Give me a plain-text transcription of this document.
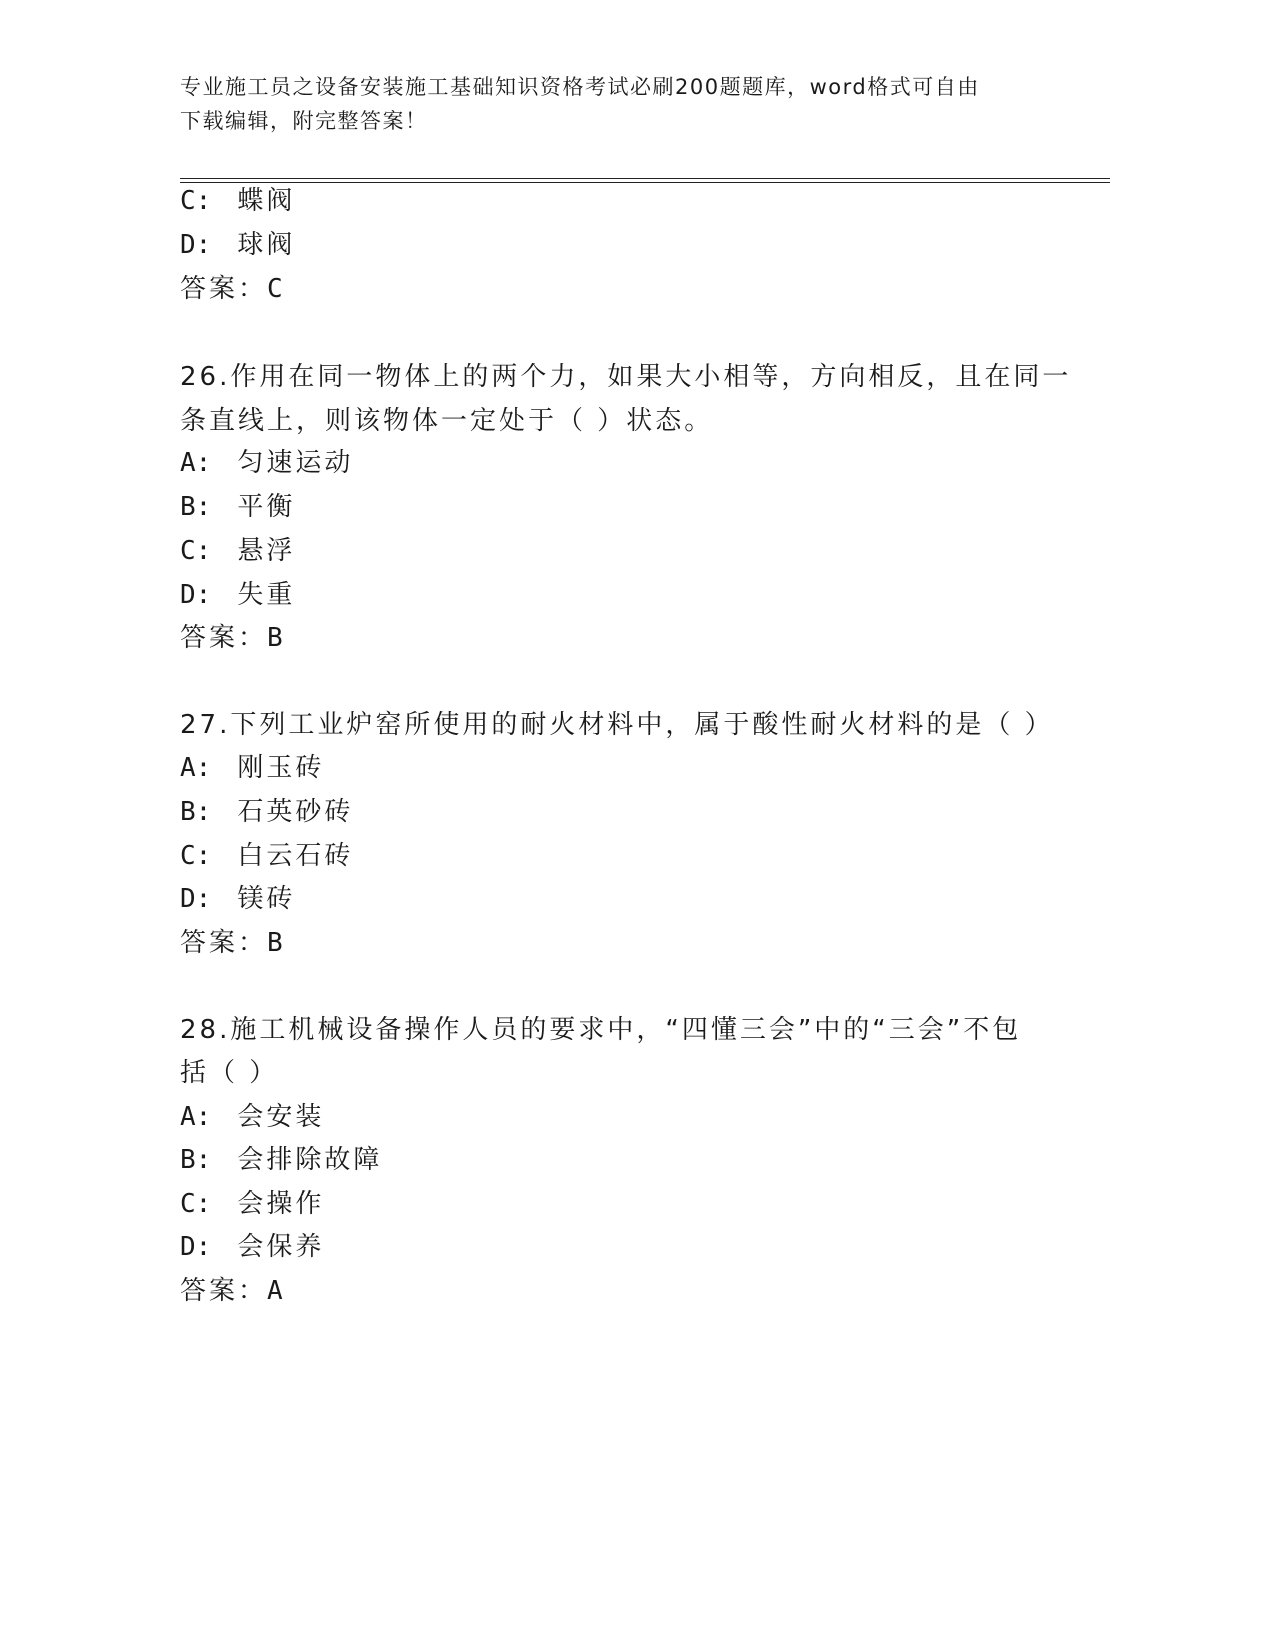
专业施工员之设备安装施工基础知识资格考试必刷200题题库，word格式可自由
下载编辑，附完整答案！
C: 蝶阀
D: 球阀
答案：C
26.作用在同一物体上的两个力，如果大小相等，方向相反，且在同一
条直线上，则该物体一定处于（ ）状态。
A: 匀速运动
B: 平衡
C: 悬浮
D: 失重
答案：B
27.下列工业炉窑所使用的耐火材料中，属于酸性耐火材料的是（ ）
A: 刚玉砖
B: 石英砂砖
C: 白云石砖
D: 镁砖
答案：B
28.施工机械设备操作人员的要求中，“四懂三会”中的“三会”不包
括（ ）
A: 会安装
B: 会排除故障
C: 会操作
D: 会保养
答案：A
